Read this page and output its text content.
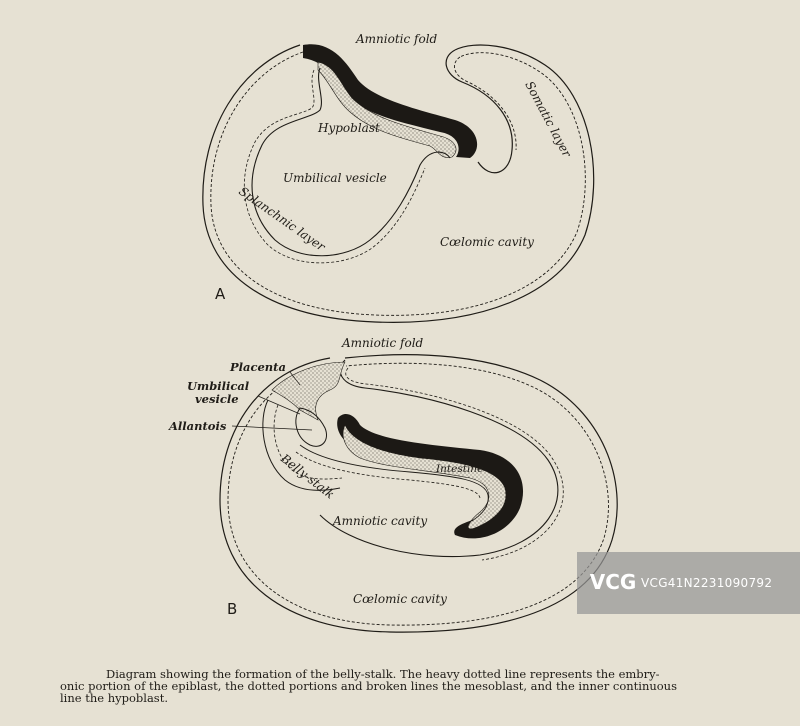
Amniotic fold
Somatic layer
Hypoblast
Umbilical vesicle
Splanchnic layer	Cœlomic cavity
A
Amniotic fold
Placenta
Umbilical
vesicle
Allantois
Belly-stalk	Intestine
Amniotic cavity
Cœlomic cavity
B
VCG VCG41N2231090792
Diagram showing the formation of the belly-stalk. The heavy dotted line represents the embry-
onic portion of the epiblast, the dotted portions and broken lines the mesoblast, and the inner continuous
line the hypoblast.
